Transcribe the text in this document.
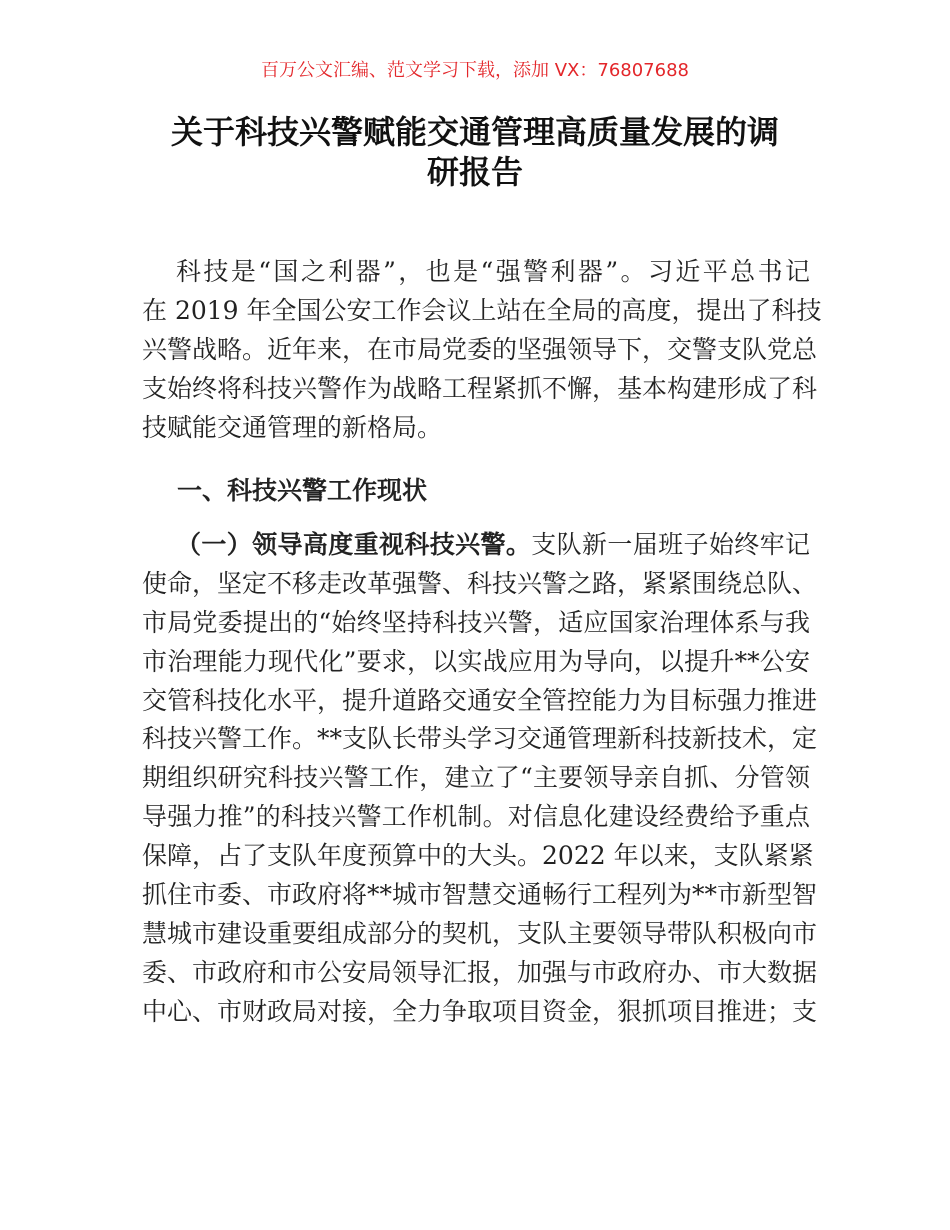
百万公文汇编、范文学习下载，添加 VX：76807688
关于科技兴警赋能交通管理高质量发展的调
研报告
科技是“国之利器”，也是“强警利器”。习近平总书记
在 2019 年全国公安工作会议上站在全局的高度，提出了科技
兴警战略。近年来，在市局党委的坚强领导下，交警支队党总
支始终将科技兴警作为战略工程紧抓不懈，基本构建形成了科
技赋能交通管理的新格局。
一、科技兴警工作现状
（一）领导高度重视科技兴警。支队新一届班子始终牢记
使命，坚定不移走改革强警、科技兴警之路，紧紧围绕总队、
市局党委提出的“始终坚持科技兴警，适应国家治理体系与我
市治理能力现代化”要求，以实战应用为导向，以提升**公安
交管科技化水平，提升道路交通安全管控能力为目标强力推进
科技兴警工作。**支队长带头学习交通管理新科技新技术，定
期组织研究科技兴警工作，建立了“主要领导亲自抓、分管领
导强力推”的科技兴警工作机制。对信息化建设经费给予重点
保障，占了支队年度预算中的大头。2022 年以来，支队紧紧
抓住市委、市政府将**城市智慧交通畅行工程列为**市新型智
慧城市建设重要组成部分的契机，支队主要领导带队积极向市
委、市政府和市公安局领导汇报，加强与市政府办、市大数据
中心、市财政局对接，全力争取项目资金，狠抓项目推进；支
